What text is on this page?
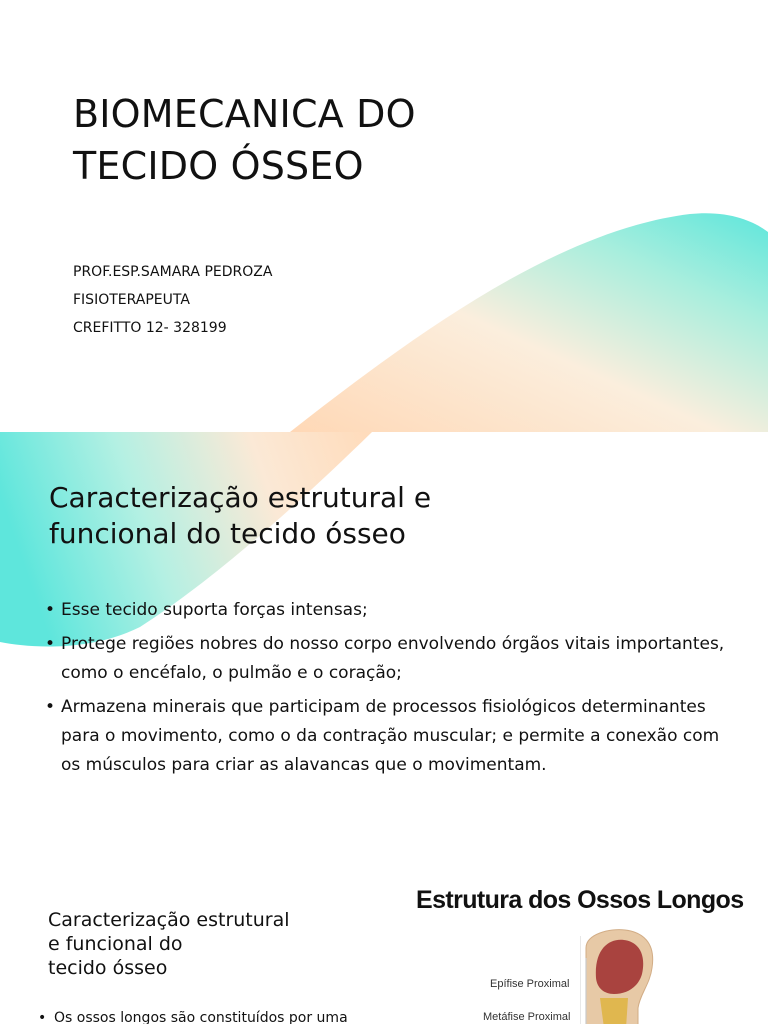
BIOMECANICA DO
TECIDO ÓSSEO
PROF.ESP.SAMARA PEDROZA
FISIOTERAPEUTA
CREFITTO 12- 328199
Caracterização estrutural e
funcional do tecido ósseo
• Esse tecido suporta forças intensas;
• Protege regiões nobres do nosso corpo envolvendo órgãos vitais importantes,
como o encéfalo, o pulmão e o coração;
• Armazena minerais que participam de processos fisiológicos determinantes
para o movimento, como o da contração muscular; e permite a conexão com
os músculos para criar as alavancas que o movimentam.
Caracterização estrutural
e funcional do
tecido ósseo
• Os ossos longos são constituídos por uma
Estrutura dos Ossos Longos
Epífise Proximal
Metáfise Proximal
